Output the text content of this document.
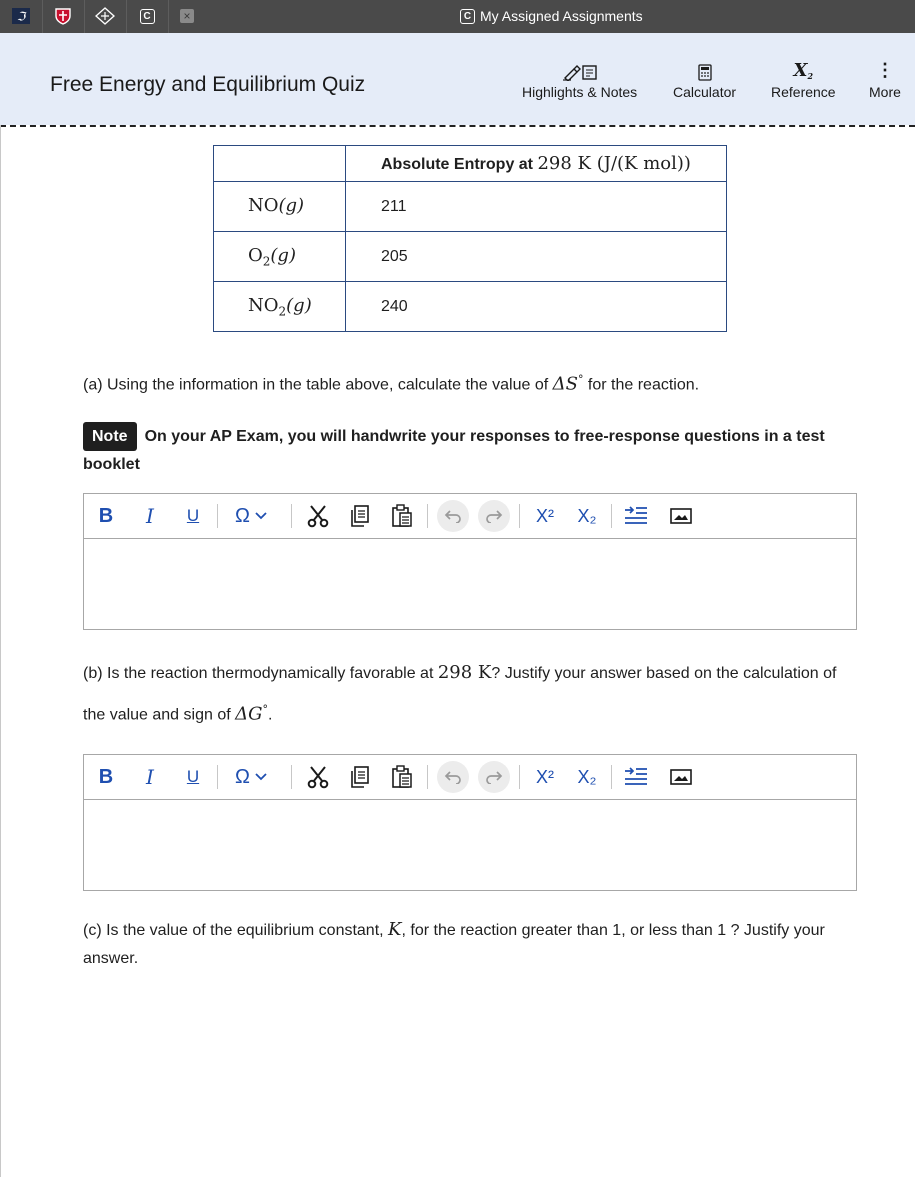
ℑ	C	×	C My Assigned Assignments
Free Energy and Equilibrium Quiz	Highlights & Notes	Calculator
$X_2$
Reference
⋮
More
	Absolute Entropy at 298 K (J/(K mol))
NO(g)	211
$O_2(g)$	205
$NO_2(g)$	240
(a) Using the information in the table above, calculate the value of ΔS° for the reaction.
Note On your AP Exam, you will handwrite your responses to free-response questions in a test booklet
B	I	U Ω	X²	X₂
(b) Is the reaction thermodynamically favorable at 298 K? Justify your answer based on the calculation of the value and sign of ΔG°.
B	I	U Ω	X²	X₂
(c) Is the value of the equilibrium constant, K, for the reaction greater than 1, or less than 1 ? Justify your answer.
